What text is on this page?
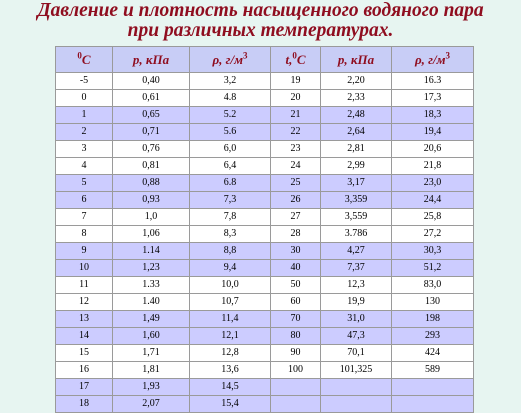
Давление и плотность насыщенного водяного пара
при различных температурах.
$^0$С	р, кПа	ρ, $г/м^3$	t,$^0$С	р, кПа	ρ, $г/м^3$
-5	0,40	3,2	19	2,20	16.3
0	0,61	4.8	20	2,33	17,3
1	0,65	5.2	21	2,48	18,3
2	0,71	5.6	22	2,64	19,4
3	0,76	6,0	23	2,81	20,6
4	0,81	6,4	24	2,99	21,8
5	0,88	6.8	25	3,17	23,0
6	0,93	7,3	26	3,359	24,4
7	1,0	7,8	27	3,559	25,8
8	1,06	8,3	28	3.786	27,2
9	1.14	8,8	30	4,27	30,3
10	1,23	9,4	40	7,37	51,2
11	1.33	10,0	50	12,3	83,0
12	1.40	10,7	60	19,9	130
13	1,49	11,4	70	31,0	198
14	1,60	12,1	80	47,3	293
15	1,71	12,8	90	70,1	424
16	1,81	13,6	100	101,325	589
17	1,93	14,5			
18	2,07	15,4			
